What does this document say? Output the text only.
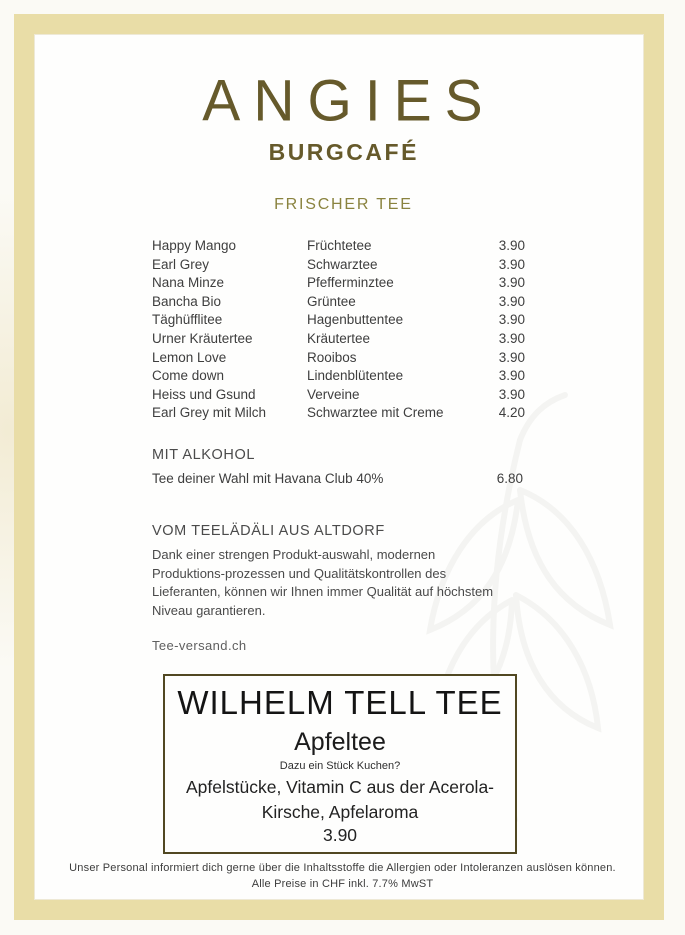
ANGIES
BURGCAFÉ
FRISCHER TEE
Happy Mango	Früchtetee	3.90
Earl Grey	Schwarztee	3.90
Nana Minze	Pfefferminztee	3.90
Bancha Bio	Grüntee	3.90
Täghüfflitee	Hagenbuttentee	3.90
Urner Kräutertee	Kräutertee	3.90
Lemon Love	Rooibos	3.90
Come down	Lindenblütentee	3.90
Heiss und Gsund	Verveine	3.90
Earl Grey mit Milch	Schwarztee mit Creme	4.20
MIT ALKOHOL
Tee deiner Wahl mit Havana Club 40%	6.80
VOM TEELÄDÄLI AUS ALTDORF

Dank einer strengen Produkt-auswahl, modernen Produktions-prozessen und Qualitätskontrollen des Lieferanten, können wir Ihnen immer Qualität auf höchstem Niveau garantieren.

Tee-versand.ch

WILHELM TELL TEE

Apfeltee

Dazu ein Stück Kuchen?

Apfelstücke, Vitamin C aus der Acerola-Kirsche, Apfelaroma

3.90

Unser Personal informiert dich gerne über die Inhaltsstoffe die Allergien oder Intoleranzen auslösen können.

Alle Preise in CHF inkl. 7.7% MwST
